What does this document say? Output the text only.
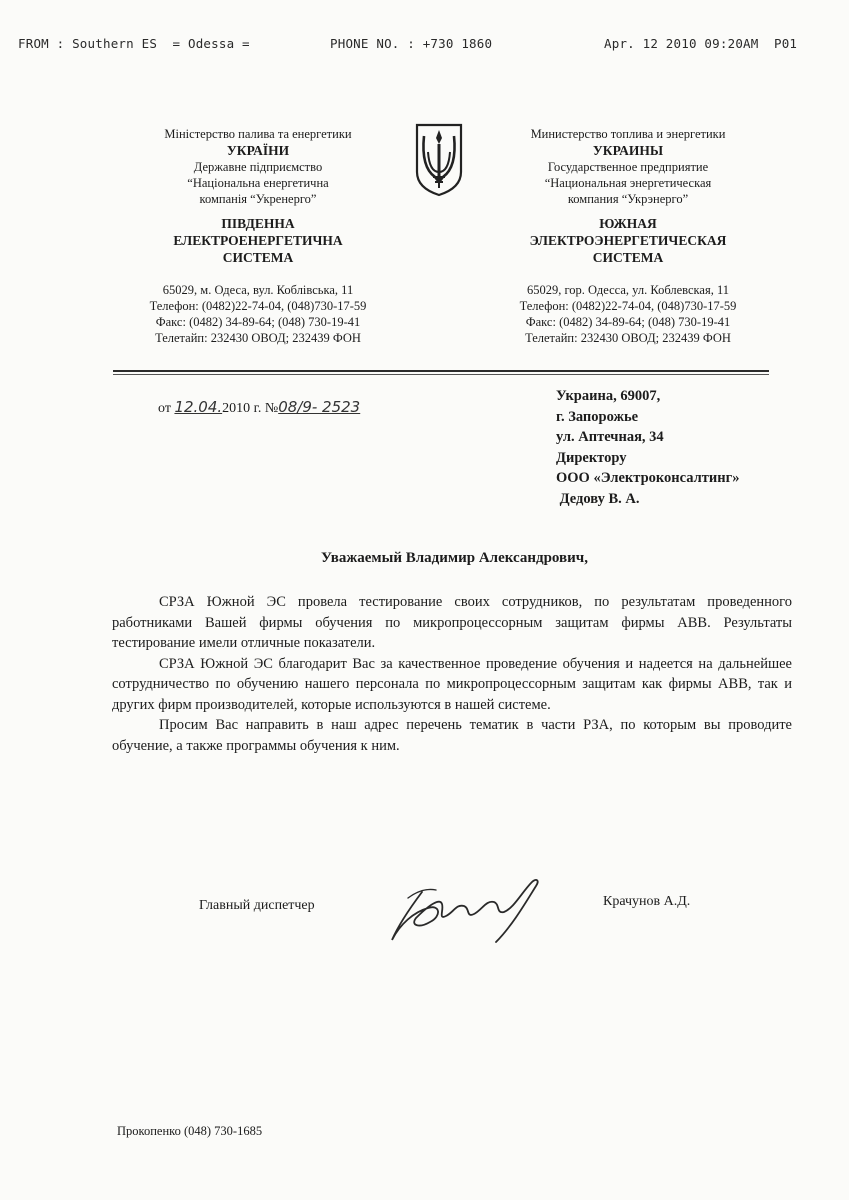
FROM : Southern ES  = Odessa =	PHONE NO. : +730 1860	Apr. 12 2010 09:20AM  P01
Міністерство палива та енергетики
УКРАЇНИ
Державне підприємство
“Національна енергетична
компанія “Укренерго”
ПІВДЕННА
ЕЛЕКТРОЕНЕРГЕТИЧНА
СИСТЕМА
65029, м. Одеса, вул. Коблівська, 11
Телефон: (0482)22-74-04, (048)730-17-59
Факс: (0482) 34-89-64; (048) 730-19-41
Телетайп: 232430 ОВОД; 232439 ФОН
Министерство топлива и энергетики
УКРАИНЫ
Государственное предприятие
“Национальная энергетическая
компания “Укрэнерго”
ЮЖНАЯ
ЭЛЕКТРОЭНЕРГЕТИЧЕСКАЯ
СИСТЕМА
65029, гор. Одесса, ул. Коблевская, 11
Телефон: (0482)22-74-04, (048)730-17-59
Факс: (0482) 34-89-64; (048) 730-19-41
Телетайп: 232430 ОВОД; 232439 ФОН
от 12.04.2010 г. №08/9- 2523
Украина, 69007,
г. Запорожье
ул. Аптечная, 34
Директору
ООО «Электроконсалтинг»
Дедову В. А.
Уважаемый Владимир Александрович,

СРЗА Южной ЭС провела тестирование своих сотрудников, по результатам проведенного работниками Вашей фирмы обучения по микропроцессорным защитам фирмы ABB. Результаты тестирование имели отличные показатели.

СРЗА Южной ЭС благодарит Вас за качественное проведение обучения и надеется на дальнейшее сотрудничество по обучению нашего персонала по микропроцессорным защитам как фирмы ABB, так и других фирм производителей, которые используются в нашей системе.

Просим Вас направить в наш адрес перечень тематик в части РЗА, по которым вы проводите обучение, а также программы обучения к ним.

Главный диспетчер	Крачунов А.Д.
Прокопенко (048) 730-1685
